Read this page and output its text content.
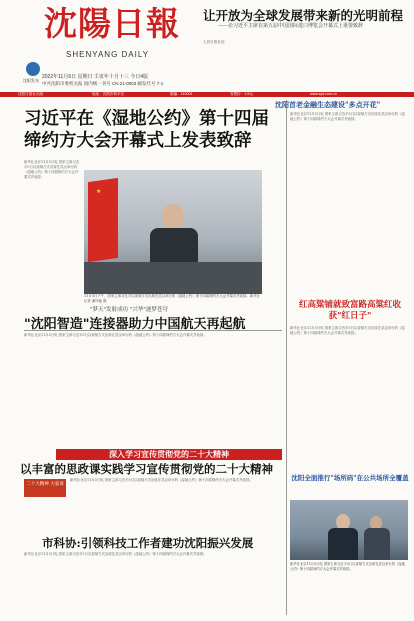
沈陽日報
SHENYANG DAILY
沈阳发布
2022年11月6日 星期日 壬寅年十月十三 今日4版
中共沈阳市委机关报 国内统一刊号 CN 21-0003 邮发代号 7-1
让开放为全球发展带来新的光明前程
——论习近平主席在第五届中国国际进口博览会开幕式上重要致辞
人民日报社论
沈阳日报社出版	地址：沈阳市和平区	邮编：110001	零售价：1.5元	www.syd.com.cn
习近平在《湿地公约》第十四届缔约方大会开幕式上发表致辞
新华社北京11月5日电 国家主席习近平5日以视频方式出席在武汉举行的《湿地公约》第十四届缔约方大会开幕式并致辞。
★
11月5日下午，国家主席习近平以视频方式出席在武汉举行的《湿地公约》第十四届缔约方大会开幕式并致辞。新华社记者 谢环驰 摄
"梦天"发射成功 "兴华"逐梦苍穹
"沈阳智造"连接器助力中国航天再起航
新华社北京11月5日电 国家主席习近平5日以视频方式出席在武汉举行的《湿地公约》第十四届缔约方大会开幕式并致辞。
深入学习宣传贯彻党的二十大精神
以丰富的思政课实践学习宣传贯彻党的二十大精神
二十大精神 大家谈
新华社北京11月5日电 国家主席习近平5日以视频方式出席在武汉举行的《湿地公约》第十四届缔约方大会开幕式并致辞。
市科协:引领科技工作者建功沈阳振兴发展
新华社北京11月5日电 国家主席习近平5日以视频方式出席在武汉举行的《湿地公约》第十四届缔约方大会开幕式并致辞。
沈阳首老金融生态建设"多点开花"
新华社北京11月5日电 国家主席习近平5日以视频方式出席在武汉举行的《湿地公约》第十四届缔约方大会开幕式并致辞。
红高粱铺就致富路高粱红收获"红日子"
新华社北京11月5日电 国家主席习近平5日以视频方式出席在武汉举行的《湿地公约》第十四届缔约方大会开幕式并致辞。
沈阳全面推行"场所码"在公共场所全覆盖
新华社北京11月5日电 国家主席习近平5日以视频方式出席在武汉举行的《湿地公约》第十四届缔约方大会开幕式并致辞。
